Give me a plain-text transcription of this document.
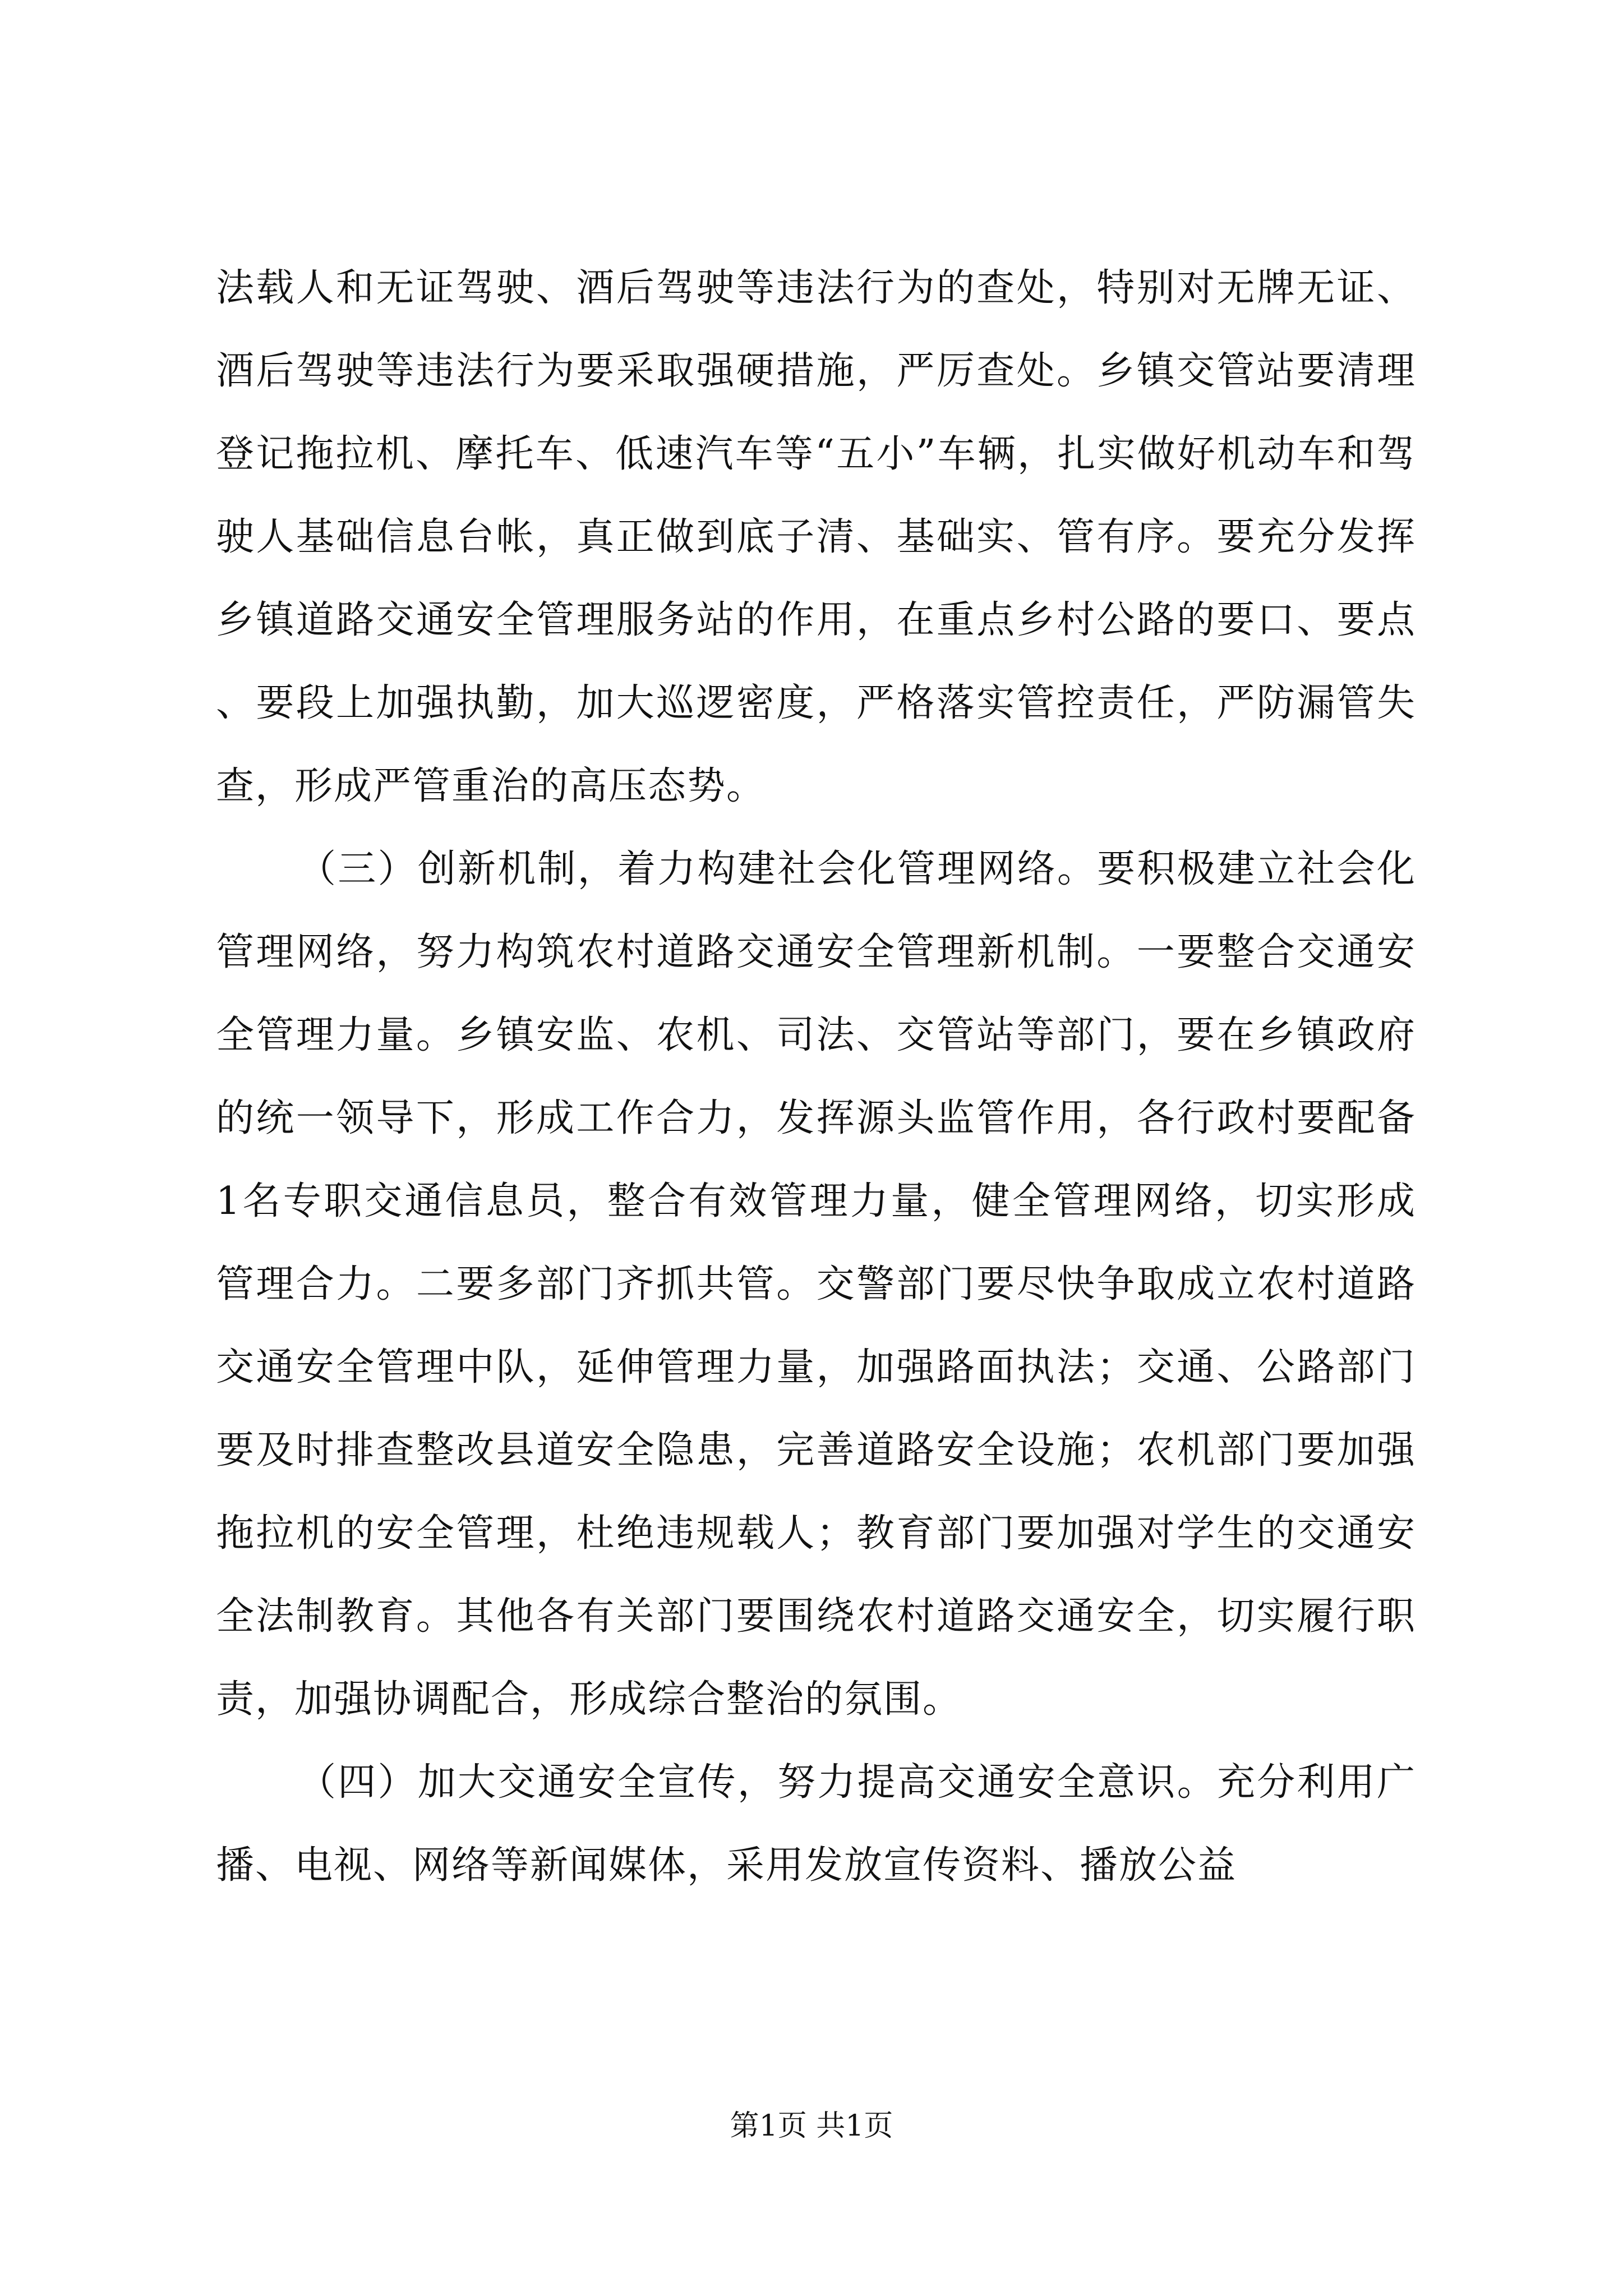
法载人和无证驾驶、酒后驾驶等违法行为的查处，特别对无牌无证、酒后驾驶等违法行为要采取强硬措施，严厉查处。乡镇交管站要清理登记拖拉机、摩托车、低速汽车等“五小”车辆，扎实做好机动车和驾驶人基础信息台帐，真正做到底子清、基础实、管有序。要充分发挥乡镇道路交通安全管理服务站的作用，在重点乡村公路的要口、要点、要段上加强执勤，加大巡逻密度，严格落实管控责任，严防漏管失查，形成严管重治的高压态势。

（三）创新机制，着力构建社会化管理网络。要积极建立社会化管理网络，努力构筑农村道路交通安全管理新机制。一要整合交通安全管理力量。乡镇安监、农机、司法、交管站等部门，要在乡镇政府的统一领导下，形成工作合力，发挥源头监管作用，各行政村要配备1名专职交通信息员，整合有效管理力量，健全管理网络，切实形成管理合力。二要多部门齐抓共管。交警部门要尽快争取成立农村道路交通安全管理中队，延伸管理力量，加强路面执法；交通、公路部门要及时排查整改县道安全隐患，完善道路安全设施；农机部门要加强拖拉机的安全管理，杜绝违规载人；教育部门要加强对学生的交通安全法制教育。其他各有关部门要围绕农村道路交通安全，切实履行职责，加强协调配合，形成综合整治的氛围。

（四）加大交通安全宣传，努力提高交通安全意识。充分利用广播、电视、网络等新闻媒体，采用发放宣传资料、播放公益

第1页 共1页
